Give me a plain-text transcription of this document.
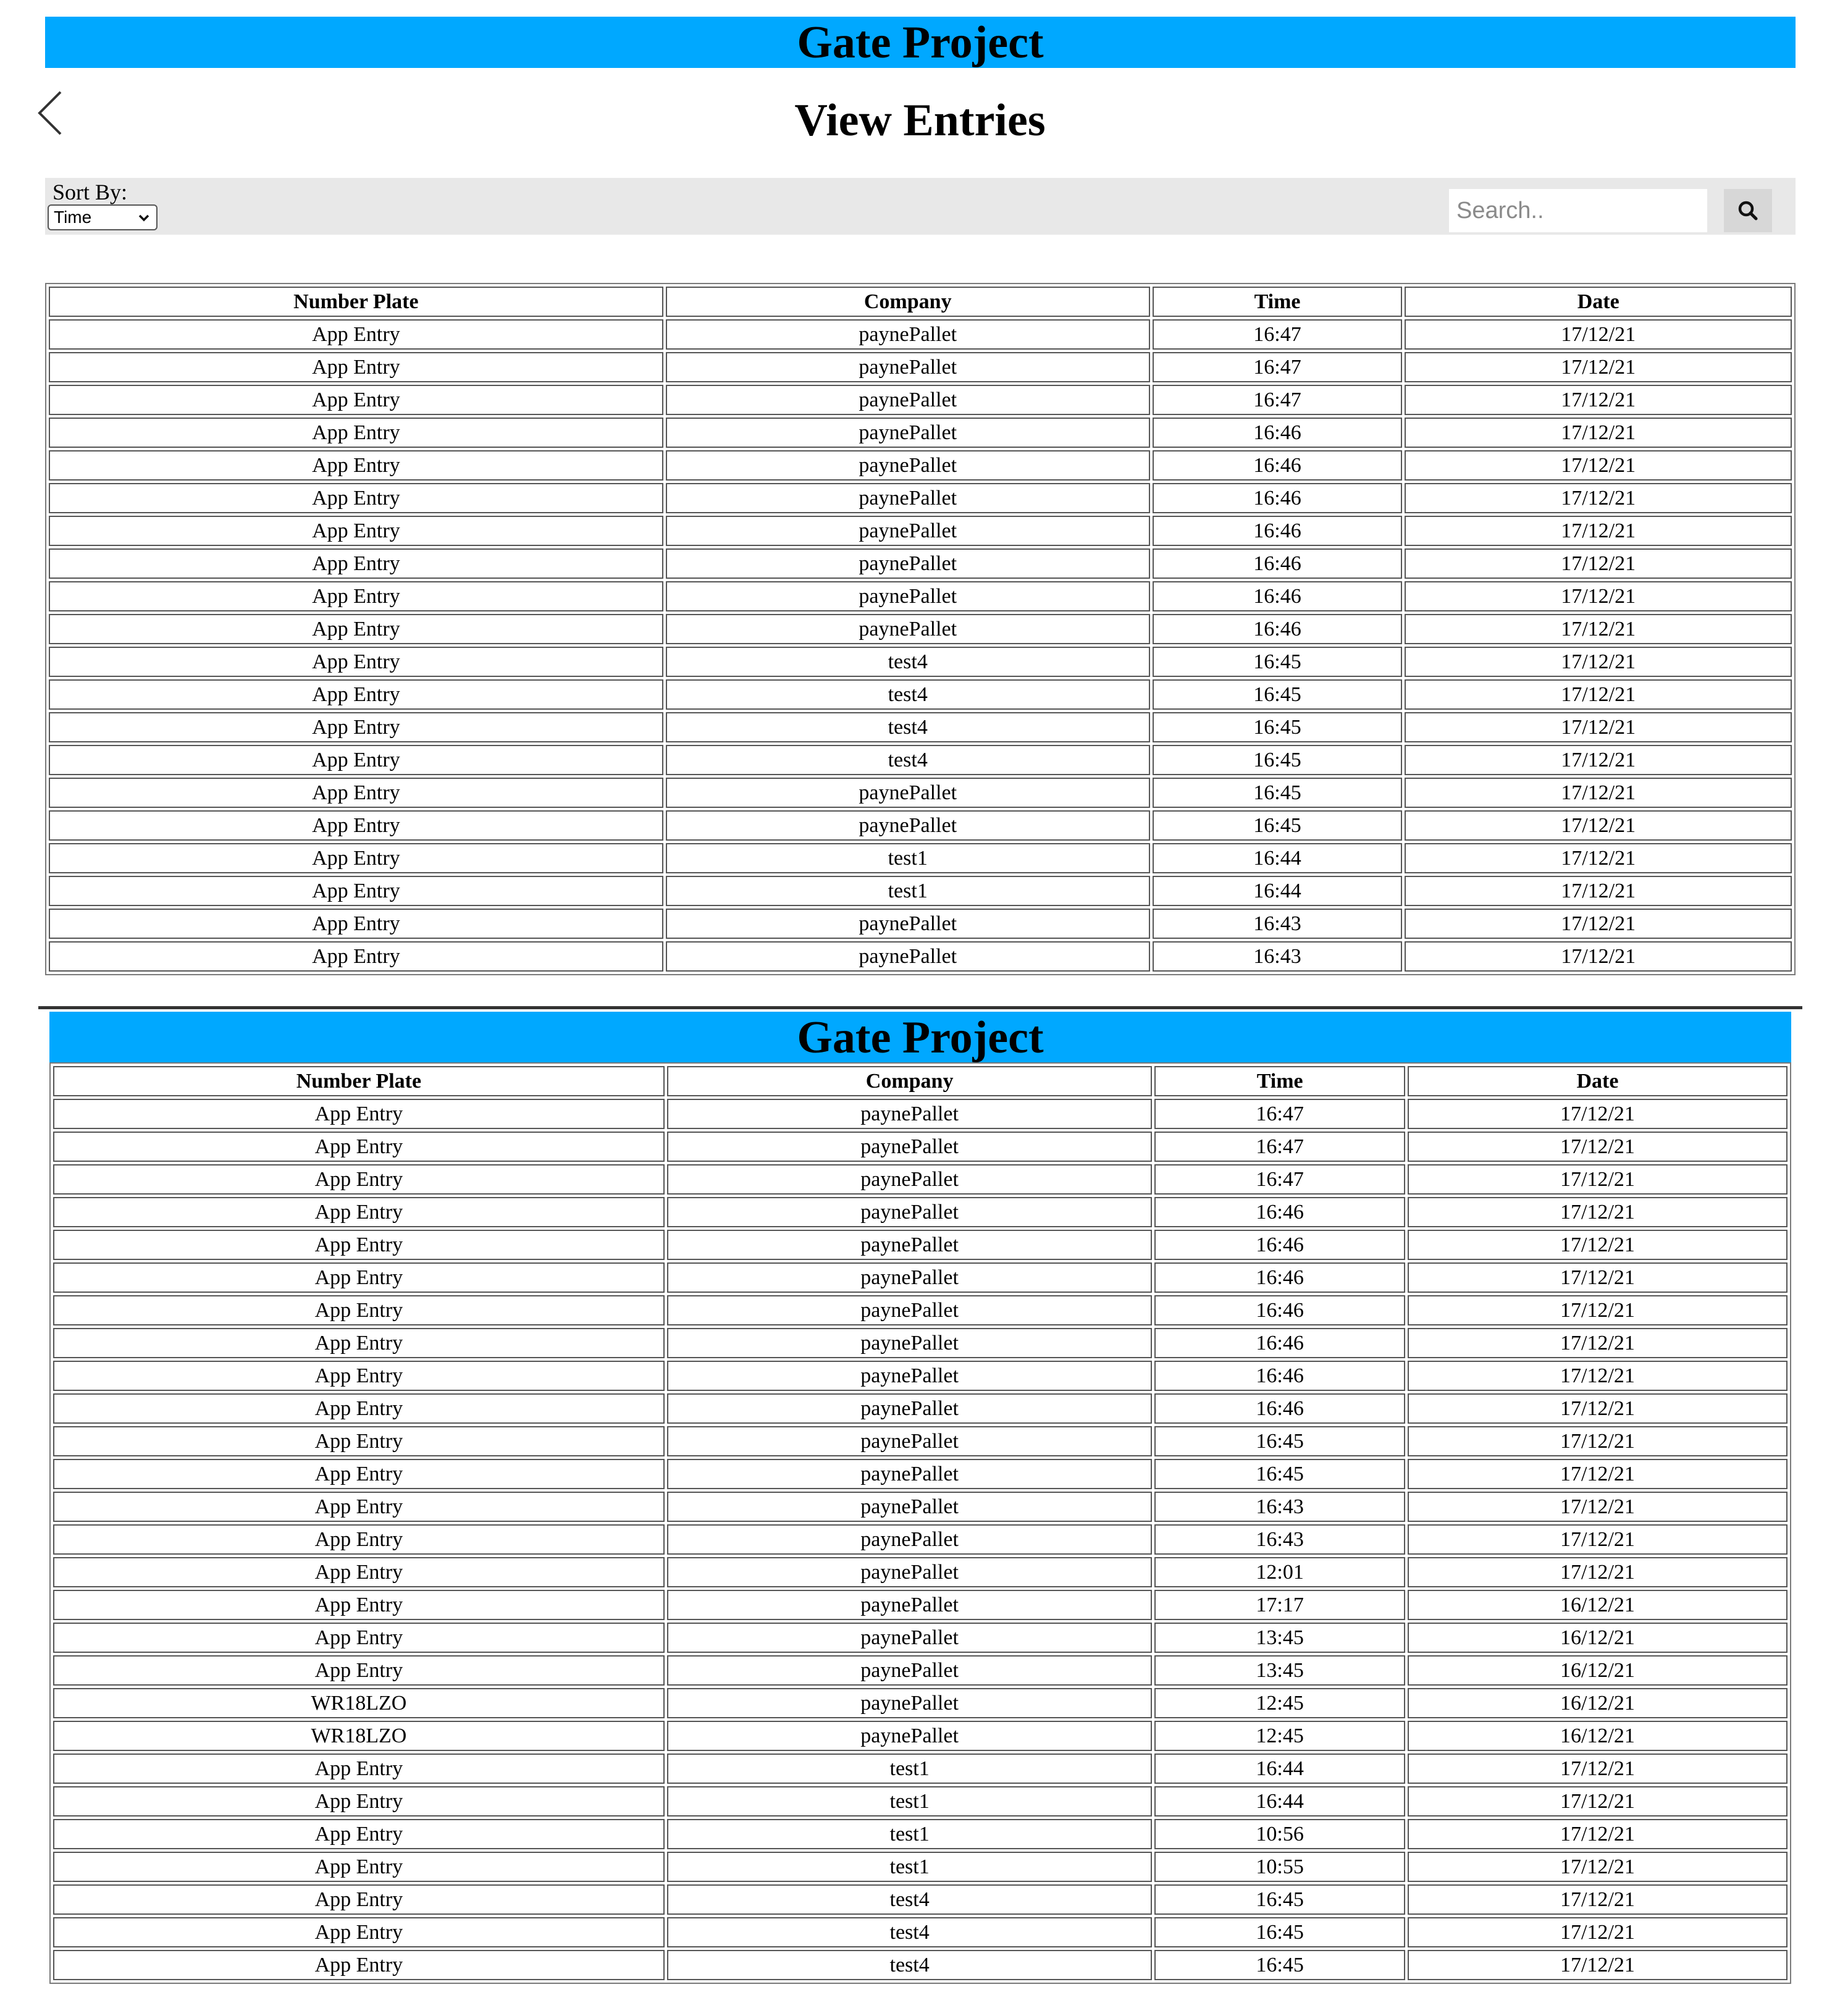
Gate Project
View Entries
Sort By:
Time
Search..
Number Plate	Company	Time	Date
App Entry	paynePallet	16:47	17/12/21
App Entry	paynePallet	16:47	17/12/21
App Entry	paynePallet	16:47	17/12/21
App Entry	paynePallet	16:46	17/12/21
App Entry	paynePallet	16:46	17/12/21
App Entry	paynePallet	16:46	17/12/21
App Entry	paynePallet	16:46	17/12/21
App Entry	paynePallet	16:46	17/12/21
App Entry	paynePallet	16:46	17/12/21
App Entry	paynePallet	16:46	17/12/21
App Entry	test4	16:45	17/12/21
App Entry	test4	16:45	17/12/21
App Entry	test4	16:45	17/12/21
App Entry	test4	16:45	17/12/21
App Entry	paynePallet	16:45	17/12/21
App Entry	paynePallet	16:45	17/12/21
App Entry	test1	16:44	17/12/21
App Entry	test1	16:44	17/12/21
App Entry	paynePallet	16:43	17/12/21
App Entry	paynePallet	16:43	17/12/21
Gate Project
Number Plate	Company	Time	Date
App Entry	paynePallet	16:47	17/12/21
App Entry	paynePallet	16:47	17/12/21
App Entry	paynePallet	16:47	17/12/21
App Entry	paynePallet	16:46	17/12/21
App Entry	paynePallet	16:46	17/12/21
App Entry	paynePallet	16:46	17/12/21
App Entry	paynePallet	16:46	17/12/21
App Entry	paynePallet	16:46	17/12/21
App Entry	paynePallet	16:46	17/12/21
App Entry	paynePallet	16:46	17/12/21
App Entry	paynePallet	16:45	17/12/21
App Entry	paynePallet	16:45	17/12/21
App Entry	paynePallet	16:43	17/12/21
App Entry	paynePallet	16:43	17/12/21
App Entry	paynePallet	12:01	17/12/21
App Entry	paynePallet	17:17	16/12/21
App Entry	paynePallet	13:45	16/12/21
App Entry	paynePallet	13:45	16/12/21
WR18LZO	paynePallet	12:45	16/12/21
WR18LZO	paynePallet	12:45	16/12/21
App Entry	test1	16:44	17/12/21
App Entry	test1	16:44	17/12/21
App Entry	test1	10:56	17/12/21
App Entry	test1	10:55	17/12/21
App Entry	test4	16:45	17/12/21
App Entry	test4	16:45	17/12/21
App Entry	test4	16:45	17/12/21
